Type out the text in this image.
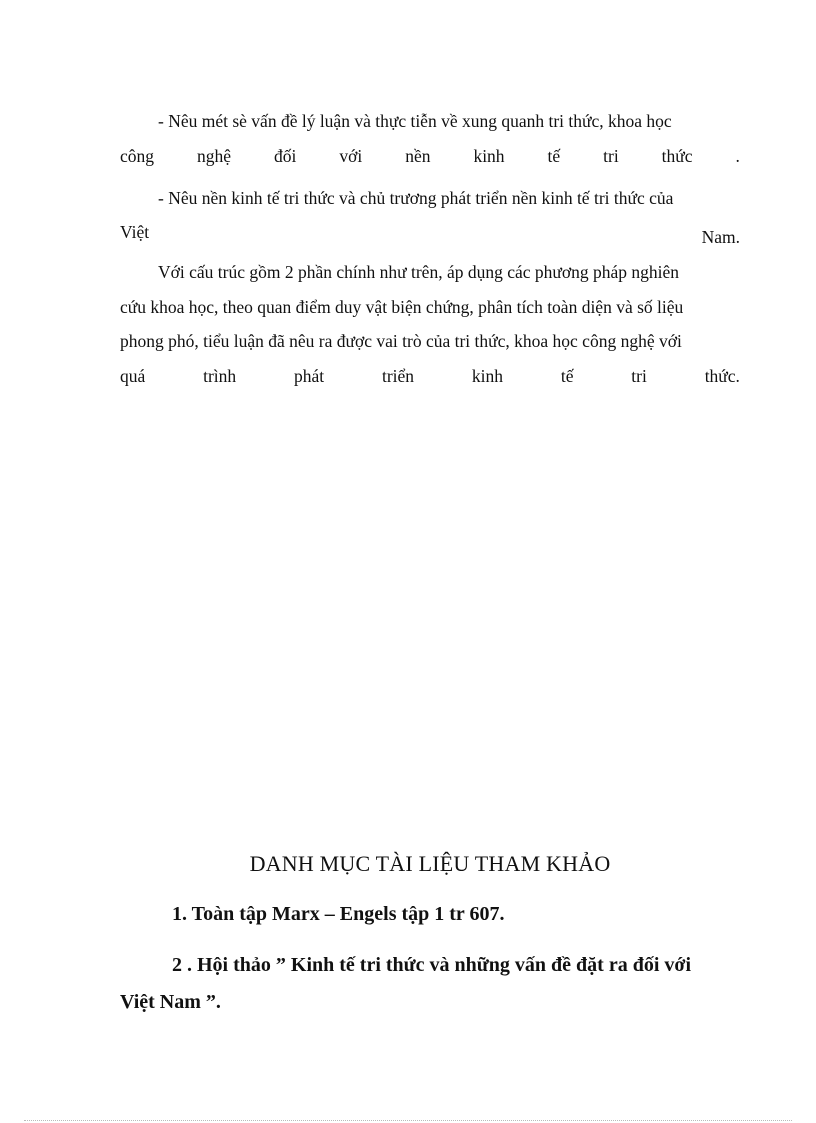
- Nêu mét sè vấn đề lý luận và thực tiễn về xung quanh tri thức, khoa học
công nghệ đối với nền kinh tế tri thức .
- Nêu nền kinh tế tri thức và chủ trương phát triển nền kinh tế tri thức của
Việt	Nam.
Với cấu trúc gồm 2 phần chính như trên, áp dụng các phương pháp nghiên
cứu khoa học, theo quan điểm duy vật biện chứng, phân tích toàn diện và số liệu
phong phó, tiểu luận đã nêu ra được vai trò của tri thức, khoa học công nghệ với
quá	trình	phát	triển	kinh	tế	tri	thức.
DANH MỤC TÀI LIỆU THAM KHẢO
1. Toàn tập Marx – Engels tập 1 tr 607.
2 . Hội thảo ” Kinh tế tri thức và những vấn đề đặt ra đối với
Việt Nam ”.
